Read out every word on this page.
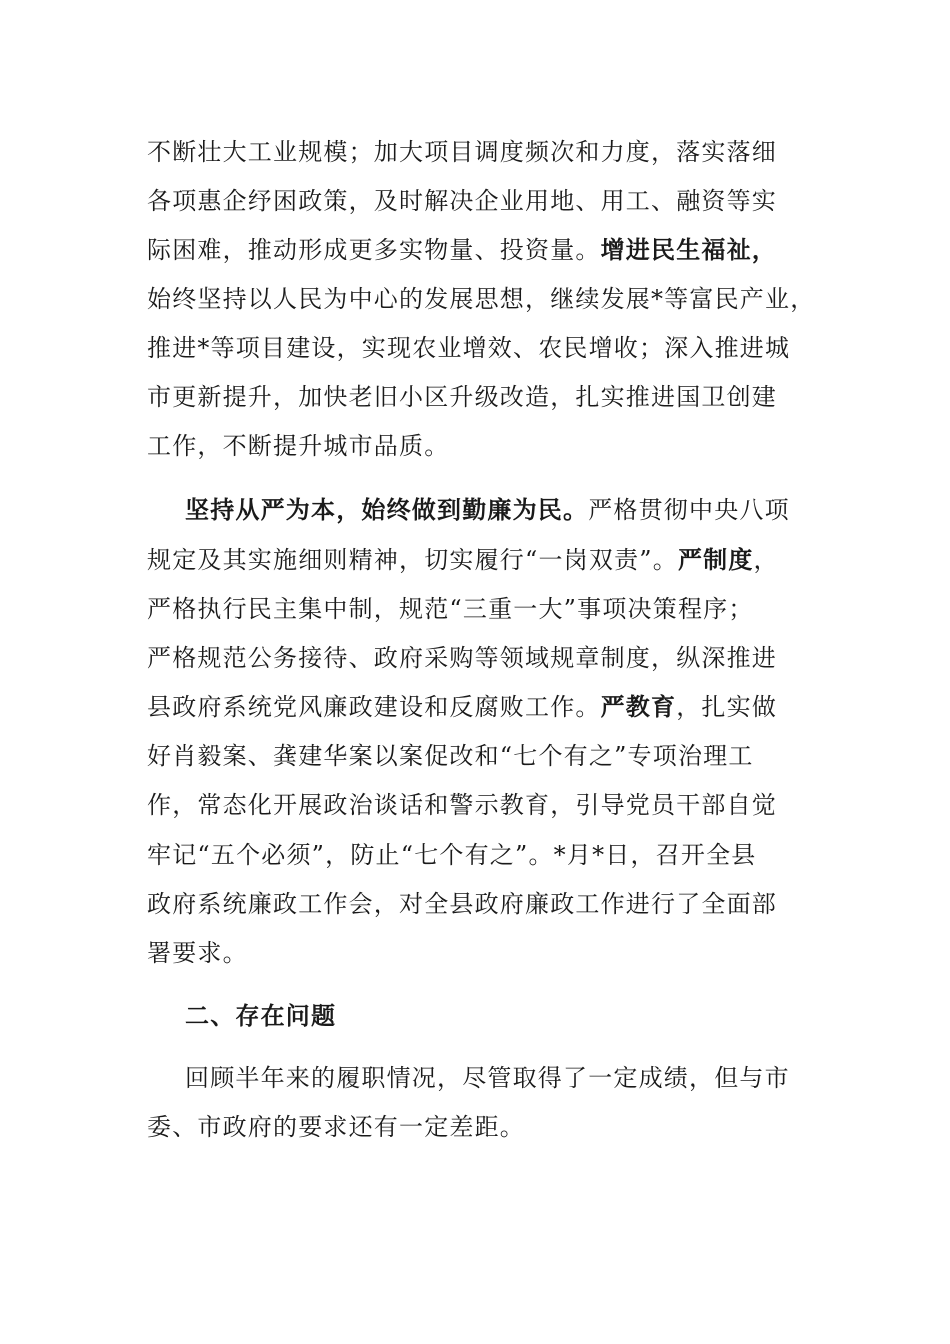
不断壮大工业规模；加大项目调度频次和力度，落实落细
各项惠企纾困政策，及时解决企业用地、用工、融资等实
际困难，推动形成更多实物量、投资量。增进民生福祉，
始终坚持以人民为中心的发展思想，继续发展*等富民产业，
推进*等项目建设，实现农业增效、农民增收；深入推进城
市更新提升，加快老旧小区升级改造，扎实推进国卫创建
工作，不断提升城市品质。
坚持从严为本，始终做到勤廉为民。严格贯彻中央八项
规定及其实施细则精神，切实履行“一岗双责”。严制度，
严格执行民主集中制，规范“三重一大”事项决策程序；
严格规范公务接待、政府采购等领域规章制度，纵深推进
县政府系统党风廉政建设和反腐败工作。严教育，扎实做
好肖毅案、龚建华案以案促改和“七个有之”专项治理工
作，常态化开展政治谈话和警示教育，引导党员干部自觉
牢记“五个必须”，防止“七个有之”。*月*日，召开全县
政府系统廉政工作会，对全县政府廉政工作进行了全面部
署要求。
二、存在问题
回顾半年来的履职情况，尽管取得了一定成绩，但与市
委、市政府的要求还有一定差距。
